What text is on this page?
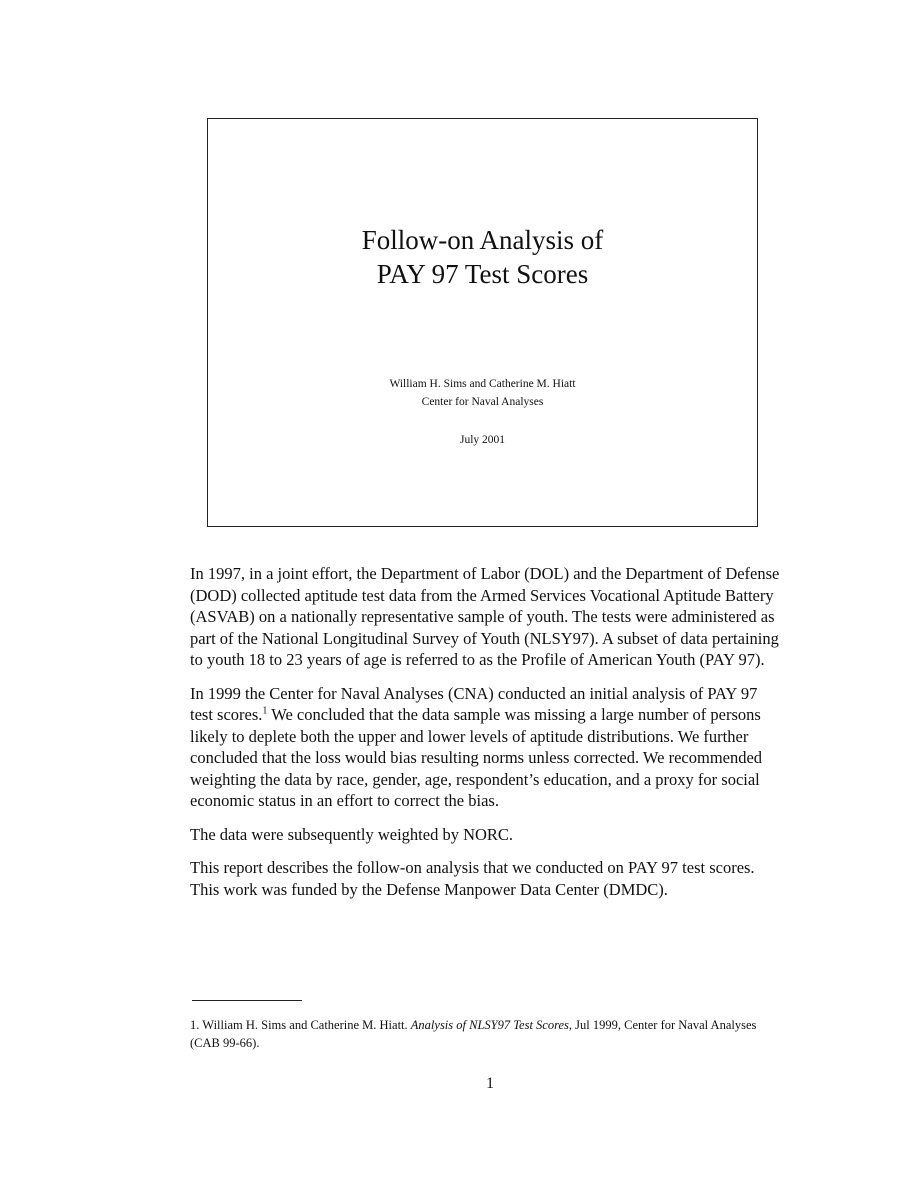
Follow-on Analysis of
PAY 97 Test Scores
William H. Sims and Catherine M. Hiatt
Center for Naval Analyses
July 2001

In 1997, in a joint effort, the Department of Labor (DOL) and the Department of Defense (DOD) collected aptitude test data from the Armed Services Vocational Aptitude Battery (ASVAB) on a nationally representative sample of youth. The tests were administered as part of the National Longitudinal Survey of Youth (NLSY97). A subset of data pertaining to youth 18 to 23 years of age is referred to as the Profile of American Youth (PAY 97).

In 1999 the Center for Naval Analyses (CNA) conducted an initial analysis of PAY 97 test scores.$^1$ We concluded that the data sample was missing a large number of persons likely to deplete both the upper and lower levels of aptitude distributions. We further concluded that the loss would bias resulting norms unless corrected. We recommended weighting the data by race, gender, age, respondent’s education, and a proxy for social economic status in an effort to correct the bias.

The data were subsequently weighted by NORC.

This report describes the follow-on analysis that we conducted on PAY 97 test scores. This work was funded by the Defense Manpower Data Center (DMDC).

1. William H. Sims and Catherine M. Hiatt. Analysis of NLSY97 Test Scores, Jul 1999, Center for Naval Analyses (CAB 99-66).

1
